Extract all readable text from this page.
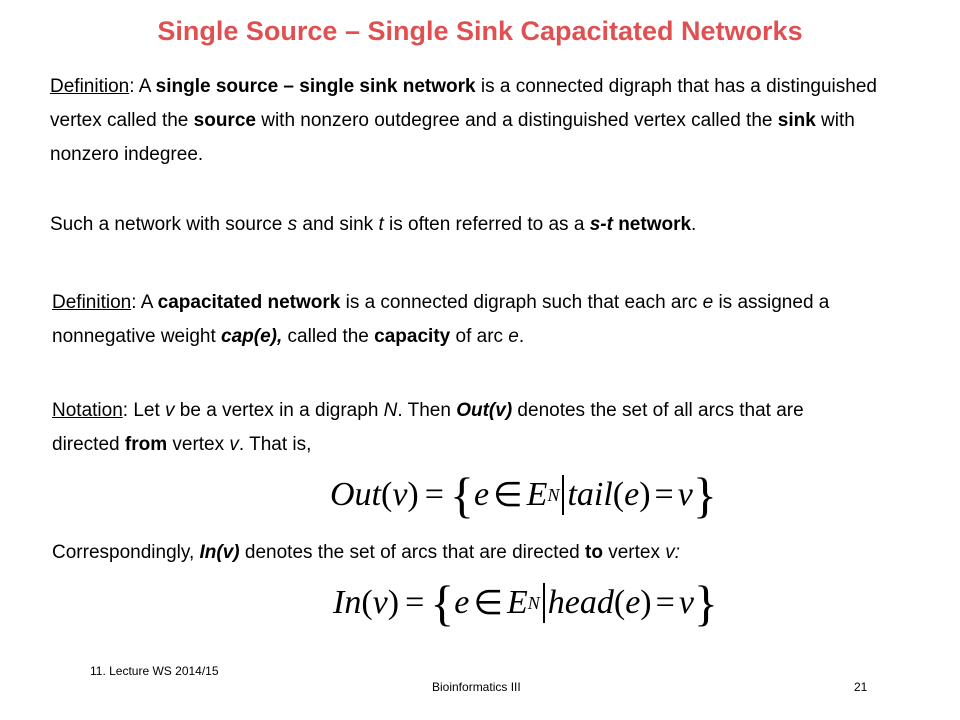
Single Source – Single Sink Capacitated Networks

Definition: A single source – single sink network is a connected digraph that has a distinguished vertex called the source with nonzero outdegree and a distinguished vertex called the sink with nonzero indegree.

Such a network with source s and sink t is often referred to as a s-t network.

Definition: A capacitated network is a connected digraph such that each arc e is assigned a nonnegative weight cap(e), called the capacity of arc e.

Notation: Let v be a vertex in a digraph N. Then Out(v) denotes the set of all arcs that are directed from vertex v. That is,

Out ( v ) = { e ∈ E N tail ( e ) = v }

Correspondingly, In(v) denotes the set of arcs that are directed to vertex v:

In ( v ) = { e ∈ E N head ( e ) = v }
11. Lecture WS 2014/15
Bioinformatics III	21
